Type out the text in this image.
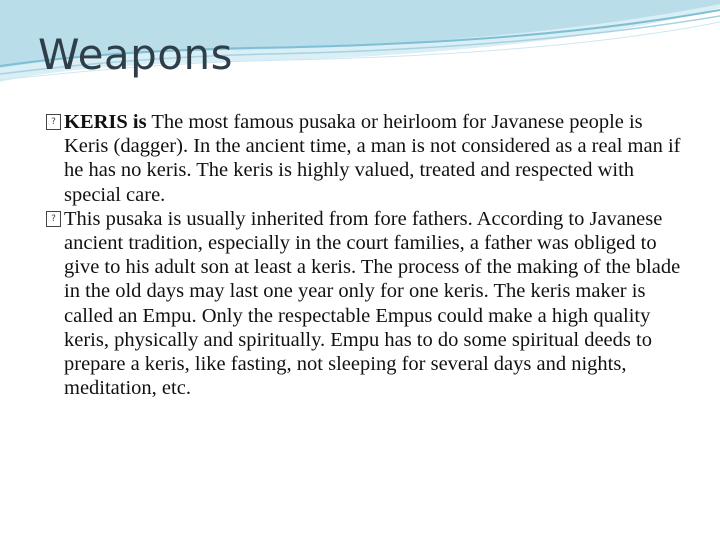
Weapons
? KERIS is The most famous pusaka or heirloom for Javanese people is Keris (dagger). In the ancient time, a man is not considered as a real man if he has no keris. The keris is highly valued, treated and respected with special care.
? This pusaka is usually inherited from fore fathers. According to Javanese ancient tradition, especially in the court families, a father was obliged to give to his adult son at least a keris. The process of the making of the blade in the old days may last one year only for one keris. The keris maker is called an Empu. Only the respectable Empus could make a high quality keris, physically and spiritually. Empu has to do some spiritual deeds to prepare a keris, like fasting, not sleeping for several days and nights, meditation, etc.
